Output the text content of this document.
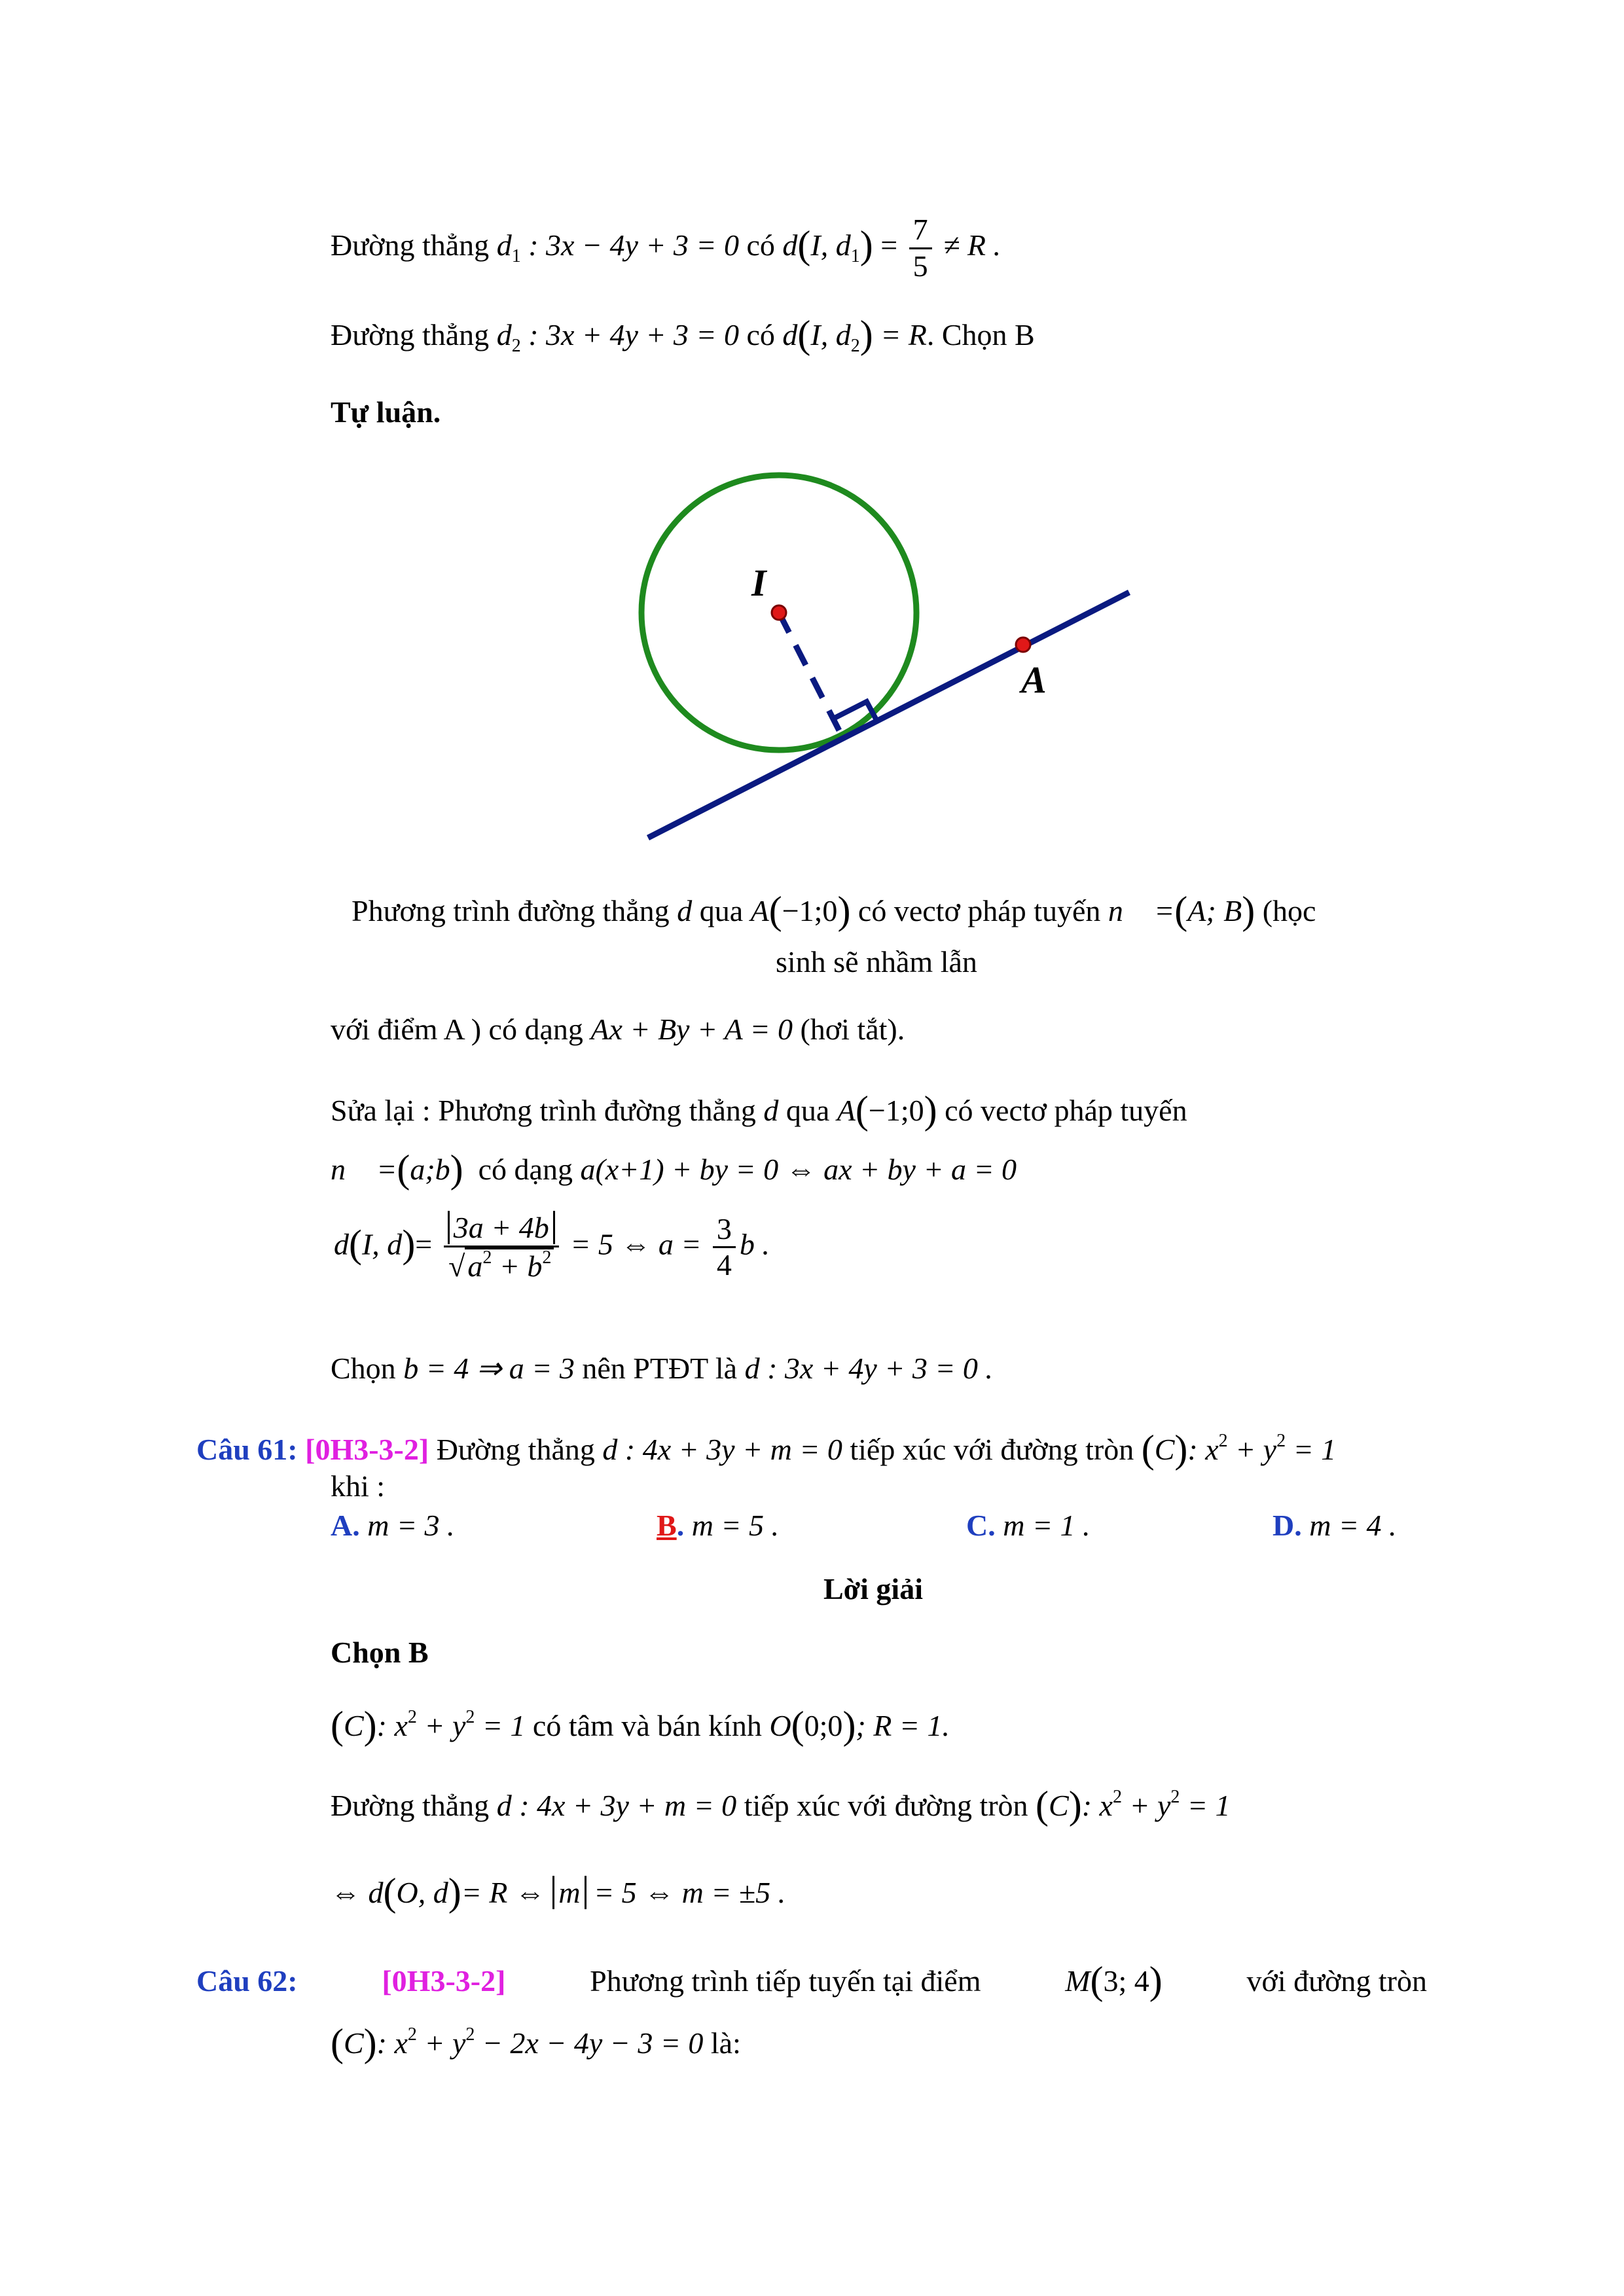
Đường thẳng $d_1$ : 3x − 4y + 3 = 0 có d(I, $d_1) = \frac{7}{5} \ne R$ .
Đường thẳng $d_2$ : 3x + 4y + 3 = 0 có d(I, $d_2) = R$. Chọn B
Tự luận.
I
A
Phương trình đường thẳng d qua A(−1;0) có vectơ pháp tuyến n⃗ =(A; B) (học
sinh sẽ nhầm lẫn
với điểm A ) có dạng Ax + By + A = 0 (hơi tắt).
Sửa lại : Phương trình đường thẳng d qua A(−1;0) có vectơ pháp tuyến
n⃗ =(a;b) có dạng a(x+1) + by = 0 ⇔ ax + by + a = 0
d(I, $d)= \frac{3a + 4b}{√a^2 + b^2} = 5$ ⇔ $a = \frac{3}{4}$ b .
Chọn b = 4 ⇒ a = 3 nên PTĐT là d : 3x + 4y + 3 = 0 .
Câu 61: [0H3-3-2] Đường thẳng d : 4x + 3y + m = 0 tiếp xúc với đường tròn (C): $x^2 + y^2 = 1$
khi :
A. m = 3 .	B. m = 5 .	C. m = 1 .	D. m = 4 .
Lời giải
Chọn B
(C): $x^2 + y^2 = 1$ có tâm và bán kính O(0;0); R = 1.
Đường thẳng d : 4x + 3y + m = 0 tiếp xúc với đường tròn (C): $x^2 + y^2 = 1$
⇔ d(O, d)= R ⇔ m = 5 ⇔ m = ±5 .
Câu 62:	[0H3-3-2]	Phương trình tiếp tuyến tại điểm	M(3; 4)	với đường tròn
(C): $x^2 + y^2 - 2x - 4y - 3 = 0$ là:
